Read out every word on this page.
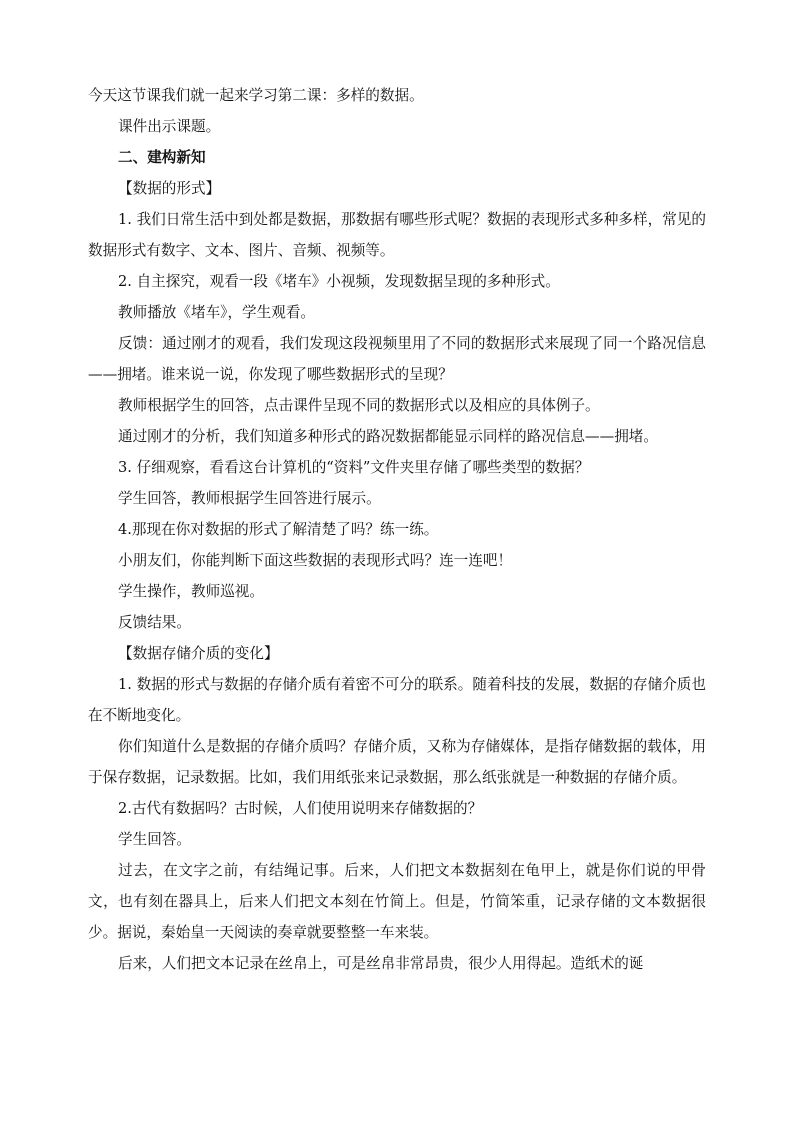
今天这节课我们就一起来学习第二课：多样的数据。

课件出示课题。

二、建构新知

【数据的形式】

1. 我们日常生活中到处都是数据，那数据有哪些形式呢？数据的表现形式多种多样，常见的数据形式有数字、文本、图片、音频、视频等。

2. 自主探究，观看一段《堵车》小视频，发现数据呈现的多种形式。

教师播放《堵车》，学生观看。

反馈：通过刚才的观看，我们发现这段视频里用了不同的数据形式来展现了同一个路况信息——拥堵。谁来说一说，你发现了哪些数据形式的呈现？

教师根据学生的回答，点击课件呈现不同的数据形式以及相应的具体例子。

通过刚才的分析，我们知道多种形式的路况数据都能显示同样的路况信息——拥堵。

3. 仔细观察，看看这台计算机的“资料”文件夹里存储了哪些类型的数据？

学生回答，教师根据学生回答进行展示。

4.那现在你对数据的形式了解清楚了吗？练一练。

小朋友们，你能判断下面这些数据的表现形式吗？连一连吧！

学生操作，教师巡视。

反馈结果。

【数据存储介质的变化】

1. 数据的形式与数据的存储介质有着密不可分的联系。随着科技的发展，数据的存储介质也在不断地变化。

你们知道什么是数据的存储介质吗？存储介质，又称为存储媒体，是指存储数据的载体，用于保存数据，记录数据。比如，我们用纸张来记录数据，那么纸张就是一种数据的存储介质。

2.古代有数据吗？古时候，人们使用说明来存储数据的？

学生回答。

过去，在文字之前，有结绳记事。后来，人们把文本数据刻在龟甲上，就是你们说的甲骨文，也有刻在器具上，后来人们把文本刻在竹简上。但是，竹简笨重，记录存储的文本数据很少。据说，秦始皇一天阅读的奏章就要整整一车来装。

后来，人们把文本记录在丝帛上，可是丝帛非常昂贵，很少人用得起。造纸术的诞
